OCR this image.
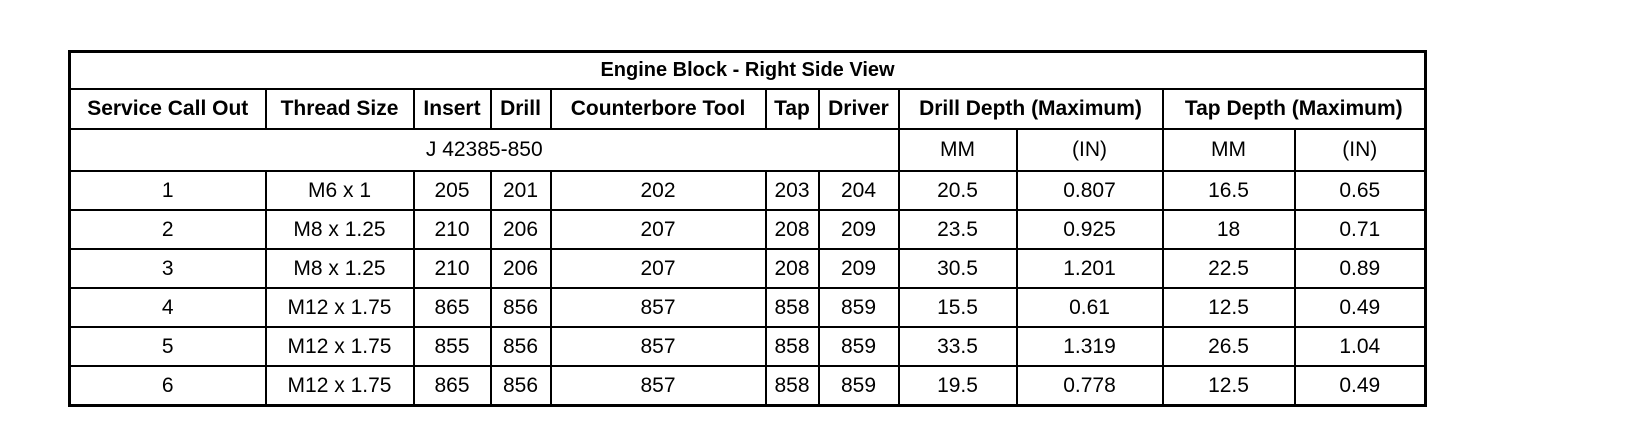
Engine Block - Right Side View										
Service Call Out	Thread Size	Insert	Drill	Counterbore Tool	Tap	Driver	Drill Depth (Maximum)		Tap Depth (Maximum)	
J 42385-850							MM	(IN)	MM	(IN)
1	M6 x 1	205	201	202	203	204	20.5	0.807	16.5	0.65
2	M8 x 1.25	210	206	207	208	209	23.5	0.925	18	0.71
3	M8 x 1.25	210	206	207	208	209	30.5	1.201	22.5	0.89
4	M12 x 1.75	865	856	857	858	859	15.5	0.61	12.5	0.49
5	M12 x 1.75	855	856	857	858	859	33.5	1.319	26.5	1.04
6	M12 x 1.75	865	856	857	858	859	19.5	0.778	12.5	0.49
